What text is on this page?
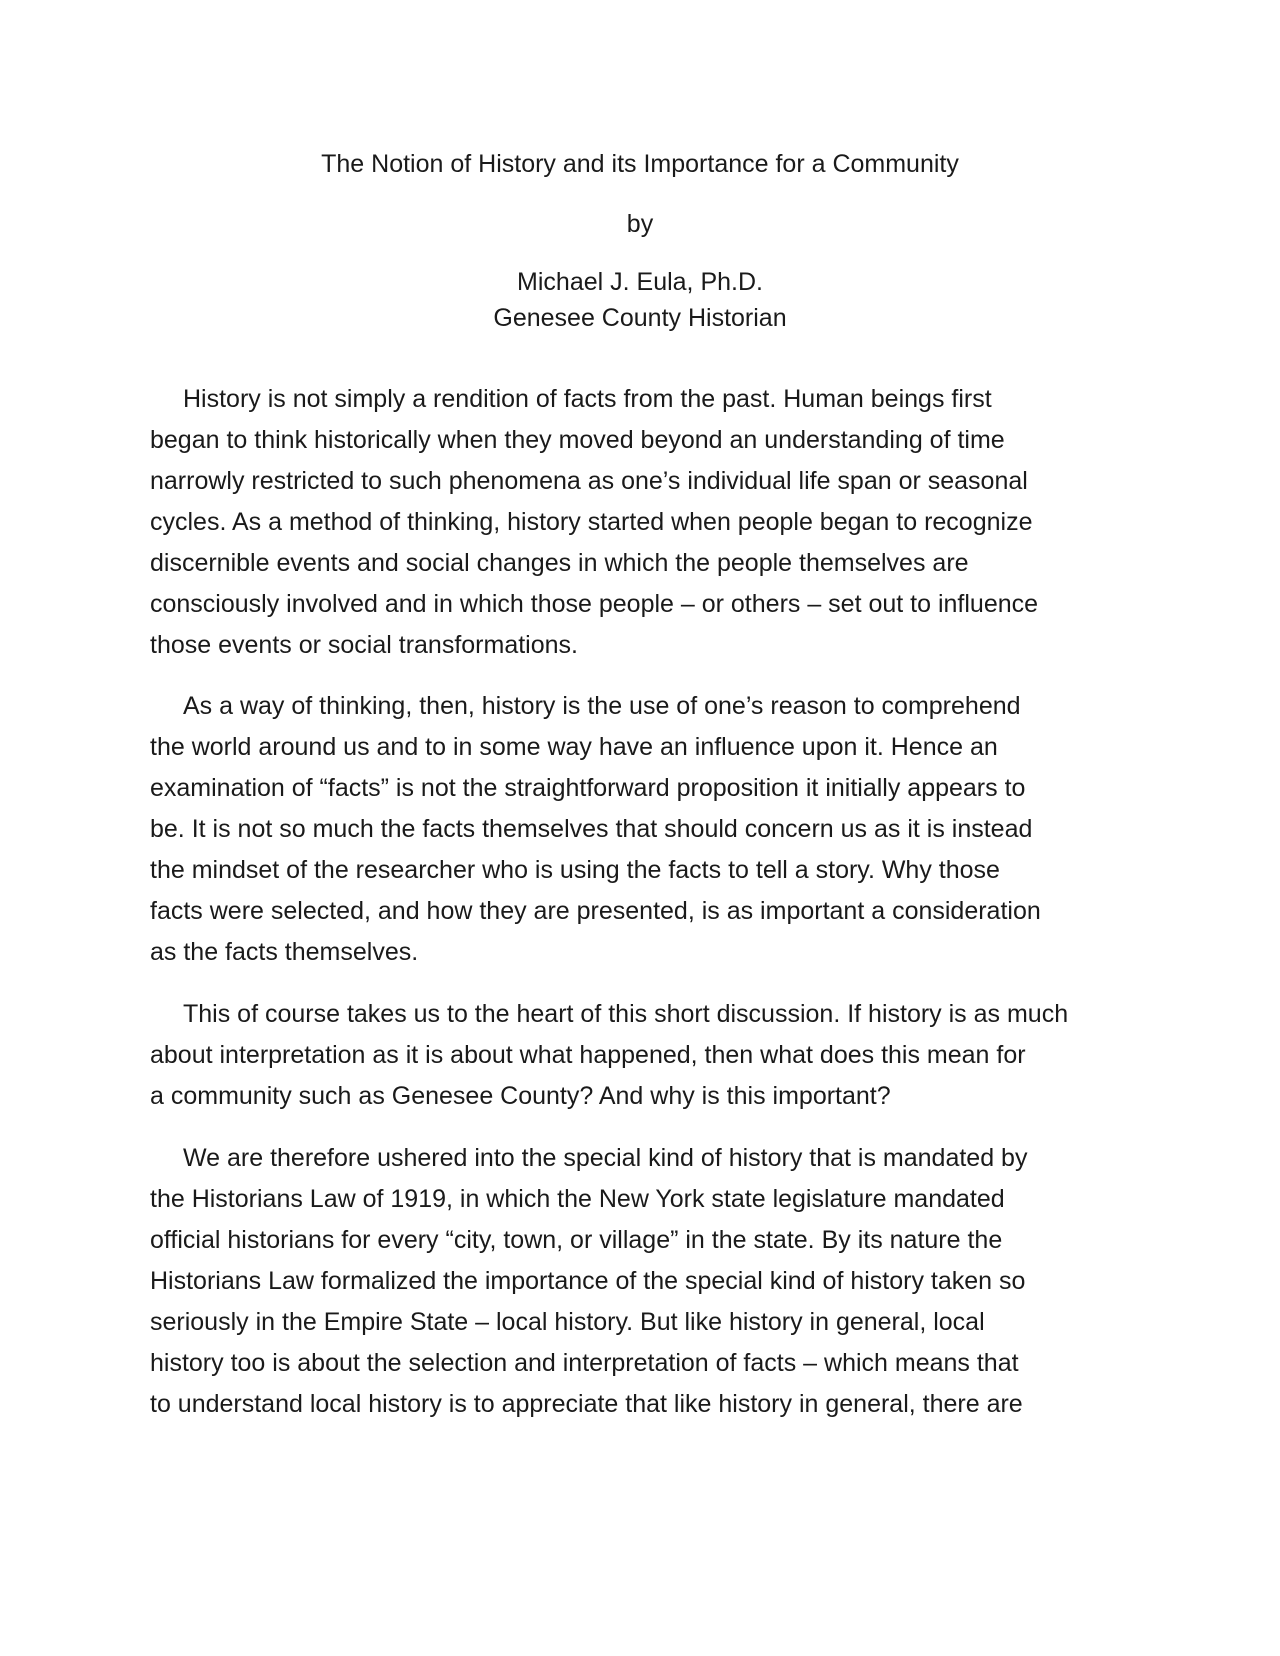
The Notion of History and its Importance for a Community
by
Michael J. Eula, Ph.D.
Genesee County Historian
History is not simply a rendition of facts from the past. Human beings first
began to think historically when they moved beyond an understanding of time
narrowly restricted to such phenomena as one’s individual life span or seasonal
cycles. As a method of thinking, history started when people began to recognize
discernible events and social changes in which the people themselves are
consciously involved and in which those people – or others – set out to influence
those events or social transformations.
As a way of thinking, then, history is the use of one’s reason to comprehend
the world around us and to in some way have an influence upon it. Hence an
examination of “facts” is not the straightforward proposition it initially appears to
be. It is not so much the facts themselves that should concern us as it is instead
the mindset of the researcher who is using the facts to tell a story. Why those
facts were selected, and how they are presented, is as important a consideration
as the facts themselves.
This of course takes us to the heart of this short discussion. If history is as much
about interpretation as it is about what happened, then what does this mean for
a community such as Genesee County? And why is this important?
We are therefore ushered into the special kind of history that is mandated by
the Historians Law of 1919, in which the New York state legislature mandated
official historians for every “city, town, or village” in the state. By its nature the
Historians Law formalized the importance of the special kind of history taken so
seriously in the Empire State – local history. But like history in general, local
history too is about the selection and interpretation of facts – which means that
to understand local history is to appreciate that like history in general, there are
